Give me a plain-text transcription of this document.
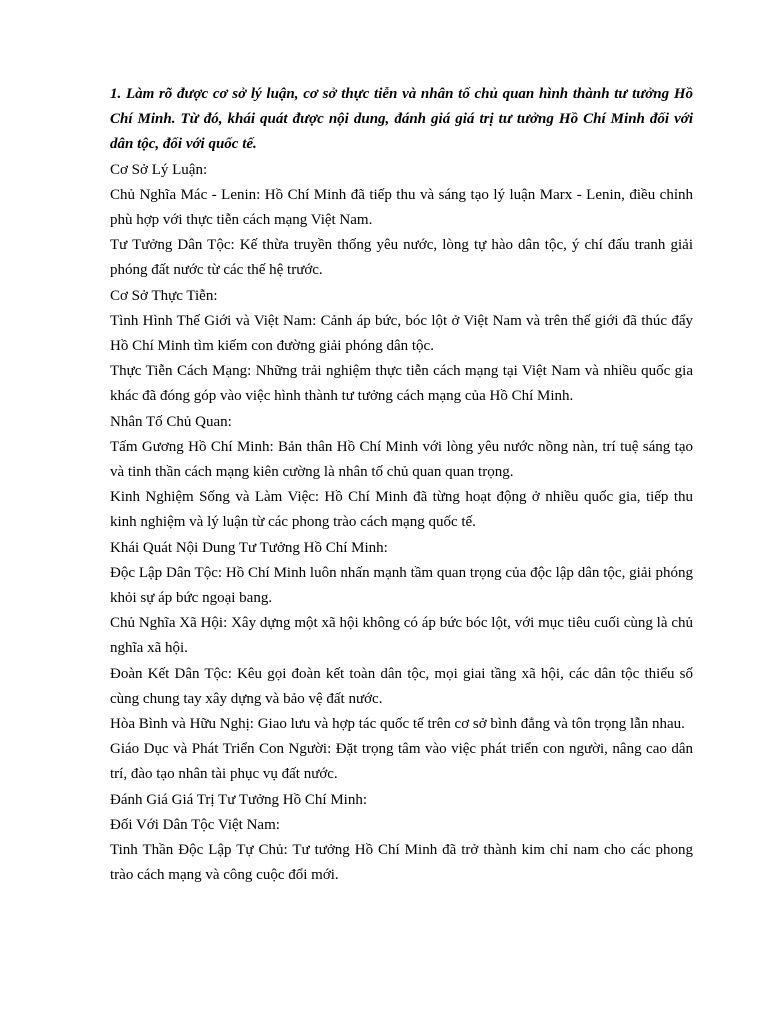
1. Làm rõ được cơ sở lý luận, cơ sở thực tiễn và nhân tố chủ quan hình thành tư tưởng Hồ Chí Minh. Từ đó, khái quát được nội dung, đánh giá giá trị tư tưởng Hồ Chí Minh đối với dân tộc, đối với quốc tế.

Cơ Sở Lý Luận:

Chủ Nghĩa Mác - Lenin: Hồ Chí Minh đã tiếp thu và sáng tạo lý luận Marx - Lenin, điều chỉnh phù hợp với thực tiễn cách mạng Việt Nam.

Tư Tưởng Dân Tộc: Kế thừa truyền thống yêu nước, lòng tự hào dân tộc, ý chí đấu tranh giải phóng đất nước từ các thế hệ trước.

Cơ Sở Thực Tiễn:

Tình Hình Thế Giới và Việt Nam: Cảnh áp bức, bóc lột ở Việt Nam và trên thế giới đã thúc đẩy Hồ Chí Minh tìm kiếm con đường giải phóng dân tộc.

Thực Tiễn Cách Mạng: Những trải nghiệm thực tiễn cách mạng tại Việt Nam và nhiều quốc gia khác đã đóng góp vào việc hình thành tư tưởng cách mạng của Hồ Chí Minh.

Nhân Tố Chủ Quan:

Tấm Gương Hồ Chí Minh: Bản thân Hồ Chí Minh với lòng yêu nước nồng nàn, trí tuệ sáng tạo và tinh thần cách mạng kiên cường là nhân tố chủ quan quan trọng.

Kinh Nghiệm Sống và Làm Việc: Hồ Chí Minh đã từng hoạt động ở nhiều quốc gia, tiếp thu kinh nghiệm và lý luận từ các phong trào cách mạng quốc tế.

Khái Quát Nội Dung Tư Tưởng Hồ Chí Minh:

Độc Lập Dân Tộc: Hồ Chí Minh luôn nhấn mạnh tầm quan trọng của độc lập dân tộc, giải phóng khỏi sự áp bức ngoại bang.

Chủ Nghĩa Xã Hội: Xây dựng một xã hội không có áp bức bóc lột, với mục tiêu cuối cùng là chủ nghĩa xã hội.

Đoàn Kết Dân Tộc: Kêu gọi đoàn kết toàn dân tộc, mọi giai tầng xã hội, các dân tộc thiểu số cùng chung tay xây dựng và bảo vệ đất nước.

Hòa Bình và Hữu Nghị: Giao lưu và hợp tác quốc tế trên cơ sở bình đẳng và tôn trọng lẫn nhau.

Giáo Dục và Phát Triển Con Người: Đặt trọng tâm vào việc phát triển con người, nâng cao dân trí, đào tạo nhân tài phục vụ đất nước.

Đánh Giá Giá Trị Tư Tưởng Hồ Chí Minh:

Đối Với Dân Tộc Việt Nam:

Tinh Thần Độc Lập Tự Chủ: Tư tưởng Hồ Chí Minh đã trở thành kim chỉ nam cho các phong trào cách mạng và công cuộc đổi mới.
